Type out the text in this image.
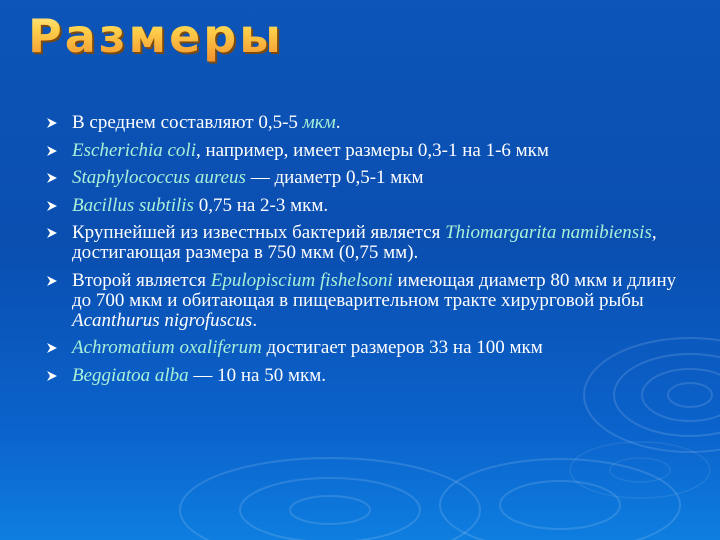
Размеры
В среднем составляют 0,5-5 мкм.
Escherichia coli, например, имеет размеры 0,3-1 на 1-6 мкм
Staphylococcus aureus — диаметр 0,5-1 мкм
Bacillus subtilis 0,75 на 2-3 мкм.
Крупнейшей из известных бактерий является Thiomargarita namibiensis, достигающая размера в 750 мкм (0,75 мм).
Второй является Epulopiscium fishelsoni имеющая диаметр 80 мкм и длину до 700 мкм и обитающая в пищеварительном тракте хирурговой рыбы Acanthurus nigrofuscus.
Achromatium oxaliferum достигает размеров 33 на 100 мкм
Beggiatoa alba — 10 на 50 мкм.
